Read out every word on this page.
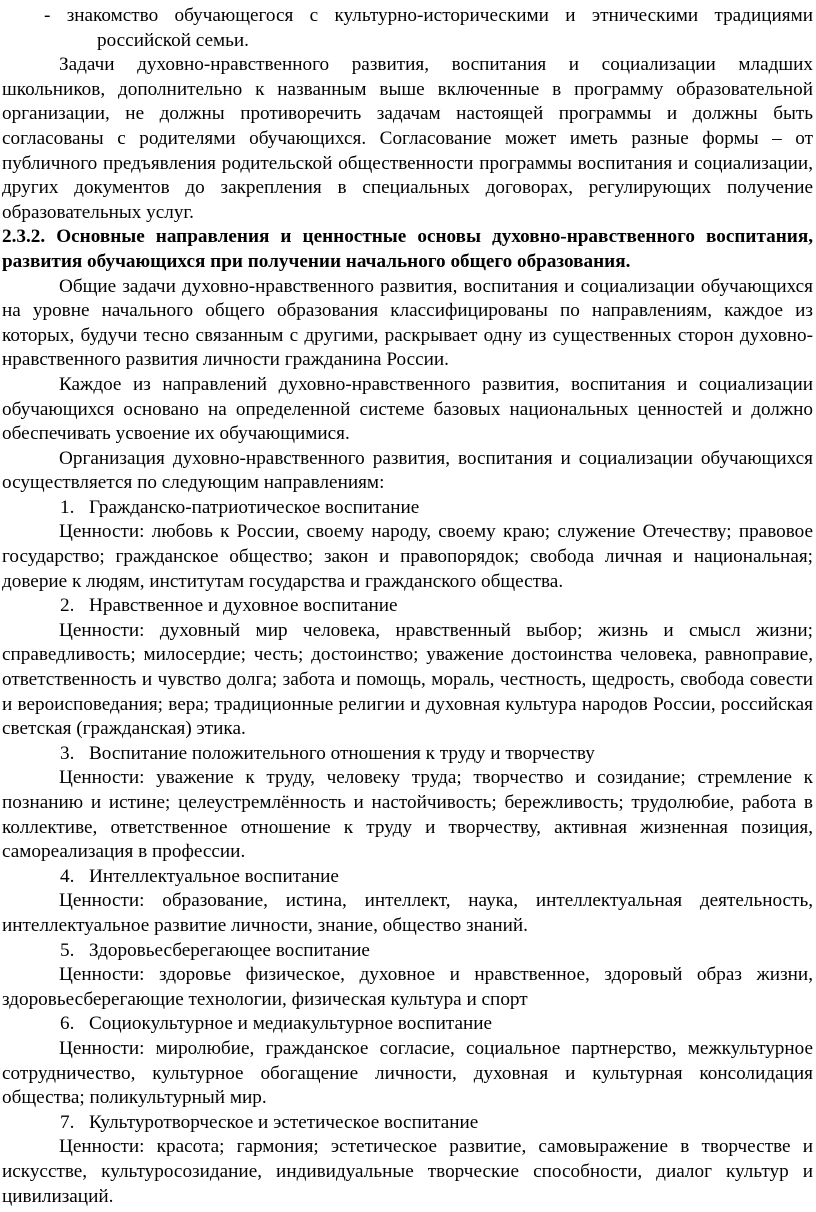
- знакомство обучающегося с культурно-историческими и этническими традициями российской семьи.

Задачи духовно-нравственного развития, воспитания и социализации младших школьников, дополнительно к названным выше включенные в программу образовательной организации, не должны противоречить задачам настоящей программы и должны быть согласованы с родителями обучающихся. Согласование может иметь разные формы – от публичного предъявления родительской общественности программы воспитания и социализации, других документов до закрепления в специальных договорах, регулирующих получение образовательных услуг.

2.3.2. Основные направления и ценностные основы духовно-нравственного воспитания, развития обучающихся при получении начального общего образования.

Общие задачи духовно-нравственного развития, воспитания и социализации обучающихся на уровне начального общего образования классифицированы по направлениям, каждое из которых, будучи тесно связанным с другими, раскрывает одну из существенных сторон духовно-нравственного развития личности гражданина России.

Каждое из направлений духовно-нравственного развития, воспитания и социализации обучающихся основано на определенной системе базовых национальных ценностей и должно обеспечивать усвоение их обучающимися.

Организация духовно-нравственного развития, воспитания и социализации обучающихся осуществляется по следующим направлениям:

1. Гражданско-патриотическое воспитание

Ценности: любовь к России, своему народу, своему краю; служение Отечеству; правовое государство; гражданское общество; закон и правопорядок; свобода личная и национальная; доверие к людям, институтам государства и гражданского общества.

2. Нравственное и духовное воспитание

Ценности: духовный мир человека, нравственный выбор; жизнь и смысл жизни; справедливость; милосердие; честь; достоинство; уважение достоинства человека, равноправие, ответственность и чувство долга; забота и помощь, мораль, честность, щедрость, свобода совести и вероисповедания; вера; традиционные религии и духовная культура народов России, российская светская (гражданская) этика.

3. Воспитание положительного отношения к труду и творчеству

Ценности: уважение к труду, человеку труда; творчество и созидание; стремление к познанию и истине; целеустремлённость и настойчивость; бережливость; трудолюбие, работа в коллективе, ответственное отношение к труду и творчеству, активная жизненная позиция, самореализация в профессии.

4. Интеллектуальное воспитание

Ценности: образование, истина, интеллект, наука, интеллектуальная деятельность, интеллектуальное развитие личности, знание, общество знаний.

5. Здоровьесберегающее воспитание

Ценности: здоровье физическое, духовное и нравственное, здоровый образ жизни, здоровьесберегающие технологии, физическая культура и спорт

6. Социокультурное и медиакультурное воспитание

Ценности: миролюбие, гражданское согласие, социальное партнерство, межкультурное сотрудничество, культурное обогащение личности, духовная и культурная консолидация общества; поликультурный мир.

7. Культуротворческое и эстетическое воспитание

Ценности: красота; гармония; эстетическое развитие, самовыражение в творчестве и искусстве, культуросозидание, индивидуальные творческие способности, диалог культур и цивилизаций.
